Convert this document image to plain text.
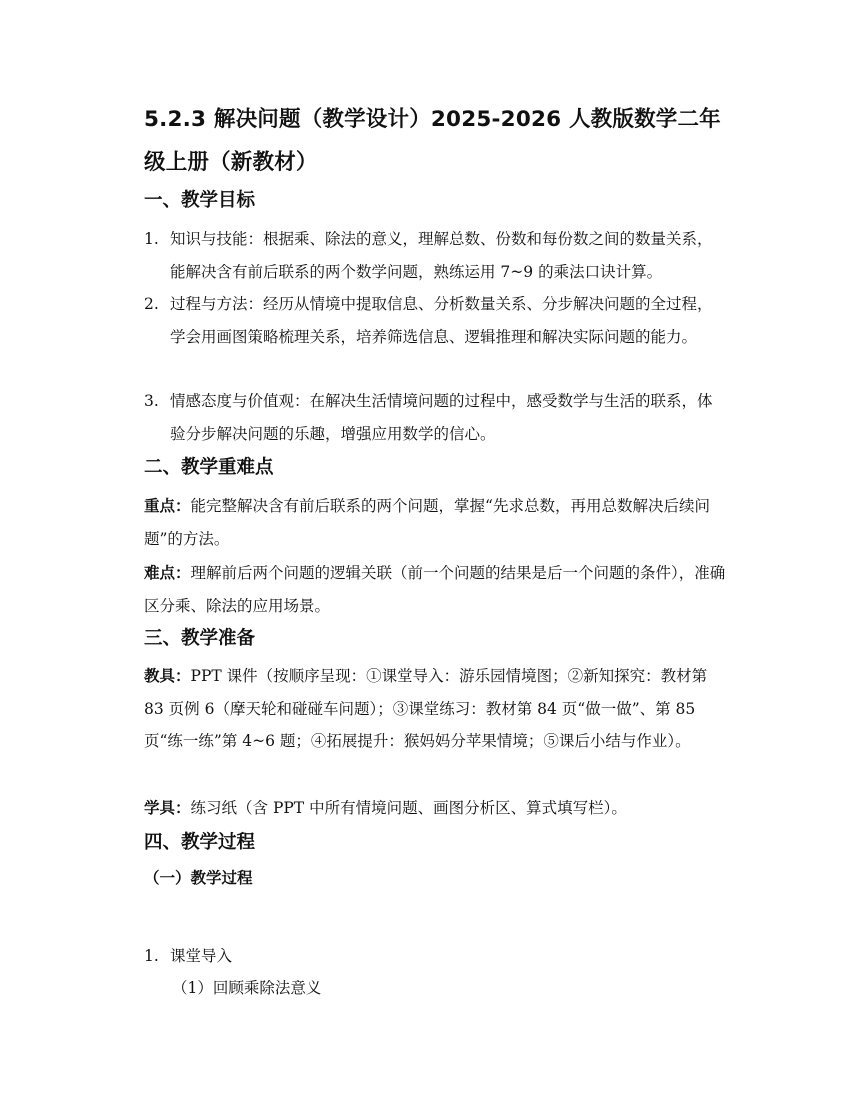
5.2.3 解决问题（教学设计）2025-2026 人教版数学二年级上册（新教材）
一、教学目标
1. 知识与技能：根据乘、除法的意义，理解总数、份数和每份数之间的数量关系，能解决含有前后联系的两个数学问题，熟练运用 7~9 的乘法口诀计算。
2. 过程与方法：经历从情境中提取信息、分析数量关系、分步解决问题的全过程，学会用画图策略梳理关系，培养筛选信息、逻辑推理和解决实际问题的能力。
3. 情感态度与价值观：在解决生活情境问题的过程中，感受数学与生活的联系，体验分步解决问题的乐趣，增强应用数学的信心。
二、教学重难点
重点：能完整解决含有前后联系的两个问题，掌握“先求总数，再用总数解决后续问题”的方法。
难点：理解前后两个问题的逻辑关联（前一个问题的结果是后一个问题的条件），准确区分乘、除法的应用场景。
三、教学准备
教具：PPT 课件（按顺序呈现：①课堂导入：游乐园情境图；②新知探究：教材第 83 页例 6（摩天轮和碰碰车问题）；③课堂练习：教材第 84 页“做一做”、第 85 页“练一练”第 4~6 题；④拓展提升：猴妈妈分苹果情境；⑤课后小结与作业）。
学具：练习纸（含 PPT 中所有情境问题、画图分析区、算式填写栏）。
四、教学过程
（一）教学过程
1. 课堂导入
（1）回顾乘除法意义
